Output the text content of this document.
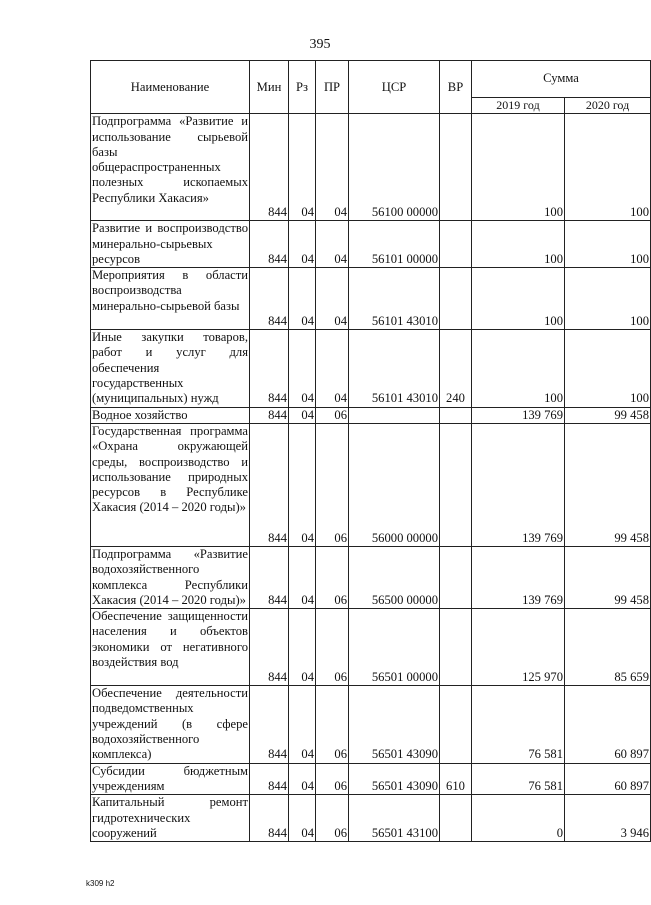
395
Наименование	Мин	Рз	ПР	ЦСР	ВР	Сумма	
						2019 год	2020 год
Подпрограмма «Развитие и использование сырьевой базы общераспространенных полезных ископаемых Республики Хакасия»	844	04	04	56100 00000		100	100
Развитие и воспроизводство минерально-сырьевых ресурсов	844	04	04	56101 00000		100	100
Мероприятия в области воспроизводства минерально-сырьевой базы	844	04	04	56101 43010		100	100
Иные закупки товаров, работ и услуг для обеспечения государственных (муниципальных) нужд	844	04	04	56101 43010	240	100	100
Водное хозяйство	844	04	06			139 769	99 458
Государственная программа «Охрана окружающей среды, воспроизводство и использование природных ресурсов в Республике Хакасия (2014 – 2020 годы)»	844	04	06	56000 00000		139 769	99 458
Подпрограмма «Развитие водохозяйственного комплекса Республики Хакасия (2014 – 2020 годы)»	844	04	06	56500 00000		139 769	99 458
Обеспечение защищенности населения и объектов экономики от негативного воздействия вод	844	04	06	56501 00000		125 970	85 659
Обеспечение деятельности подведомственных учреждений (в сфере водохозяйственного комплекса)	844	04	06	56501 43090		76 581	60 897
Субсидии бюджетным учреждениям	844	04	06	56501 43090	610	76 581	60 897
Капитальный ремонт гидротехнических сооружений	844	04	06	56501 43100		0	3 946
k309 h2
